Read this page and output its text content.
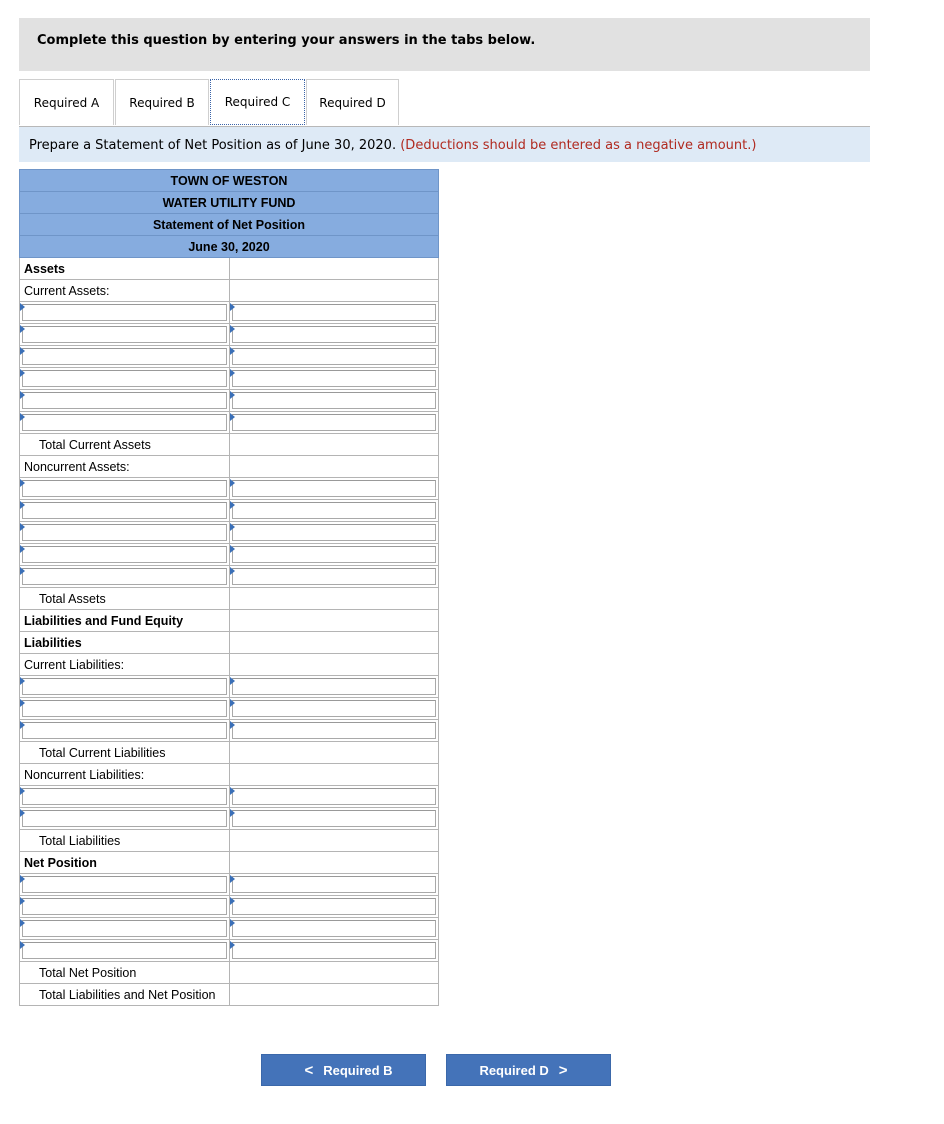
Complete this question by entering your answers in the tabs below.
Required A	Required B	Required C	Required D
Prepare a Statement of Net Position as of June 30, 2020. (Deductions should be entered as a negative amount.)
TOWN OF WESTON	
WATER UTILITY FUND	
Statement of Net Position	
June 30, 2020	

Assets	

Current Assets:	

Total Current Assets	

Noncurrent Assets:	

Total Assets	

Liabilities and Fund Equity	

Liabilities	

Current Liabilities:	

Total Current Liabilities	

Noncurrent Liabilities:	

Total Liabilities	

Net Position	

Total Net Position	

Total Liabilities and Net Position	

< Required B	Required D >
